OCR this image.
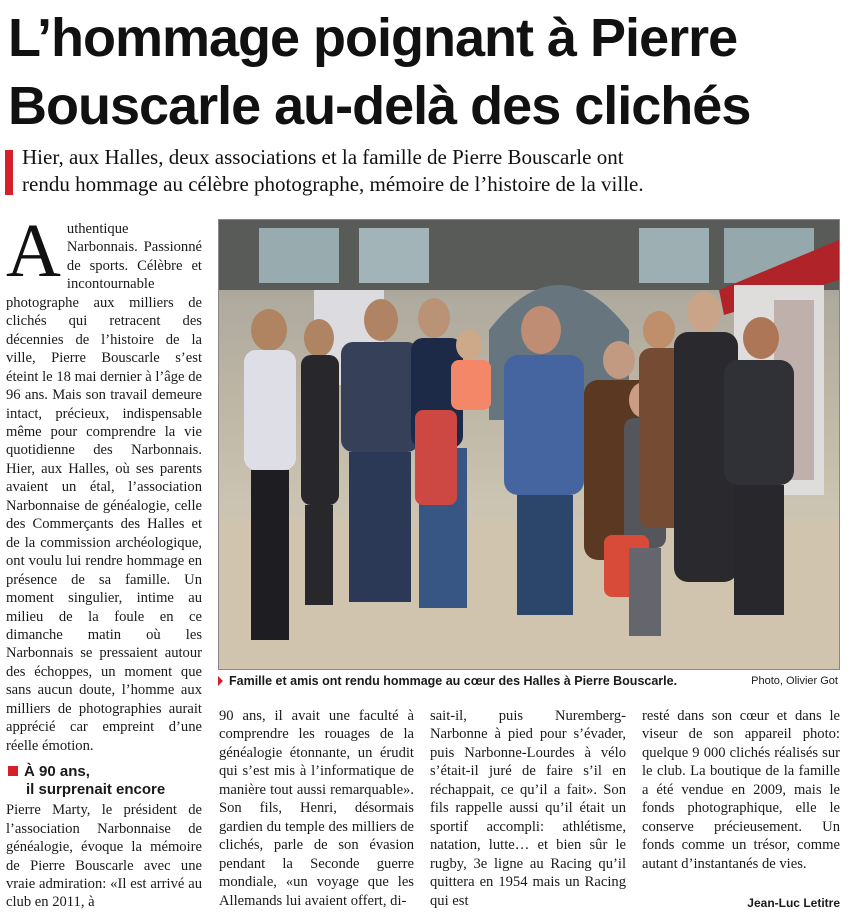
L’hommage poignant à Pierre
Bouscarle au-delà des clichés
Hier, aux Halles, deux associations et la famille de Pierre Bouscarle ont
rendu hommage au célèbre photographe, mémoire de l’histoire de la ville.
A uthentique Narbonnais. Passionné de sports. Célèbre et incontournable photographe aux milliers de clichés qui retracent des décennies de l’histoire de la ville, Pierre Bouscarle s’est éteint le 18 mai dernier à l’âge de 96 ans. Mais son travail demeure intact, précieux, indispensable même pour comprendre la vie quotidienne des Narbonnais. Hier, aux Halles, où ses parents avaient un étal, l’association Narbonnaise de généalogie, celle des Commerçants des Halles et de la commission archéologique, ont voulu lui rendre hommage en présence de sa famille. Un moment singulier, intime au milieu de la foule en ce dimanche matin où les Narbonnais se pressaient autour des échoppes, un moment que sans aucun doute, l’homme aux milliers de photographies aurait apprécié car empreint d’une réelle émotion.

À 90 ans,
il surprenait encore

Pierre Marty, le président de l’association Narbonnaise de généalogie, évoque la mémoire de Pierre Bouscarle avec une vraie admiration: «Il est arrivé au club en 2011, à

Famille et amis ont rendu hommage au cœur des Halles à Pierre Bouscarle.	Photo, Olivier Got

90 ans, il avait une faculté à comprendre les rouages de la généalogie étonnante, un érudit qui s’est mis à l’informatique de manière tout aussi remarquable». Son fils, Henri, désormais gardien du temple des milliers de clichés, parle de son évasion pendant la Seconde guerre mondiale, «un voyage que les Allemands lui avaient offert, di-

sait-il, puis Nuremberg-Narbonne à pied pour s’évader, puis Narbonne-Lourdes à vélo s’était-il juré de faire s’il en réchappait, ce qu’il a fait». Son fils rappelle aussi qu’il était un sportif accompli: athlétisme, natation, lutte… et bien sûr le rugby, 3e ligne au Racing qu’il quittera en 1954 mais un Racing qui est

resté dans son cœur et dans le viseur de son appareil photo: quelque 9 000 clichés réalisés sur le club. La boutique de la famille a été vendue en 2009, mais le fonds photographique, elle le conserve précieusement. Un fonds comme un trésor, comme autant d’instantanés de vies.

Jean-Luc Letitre
